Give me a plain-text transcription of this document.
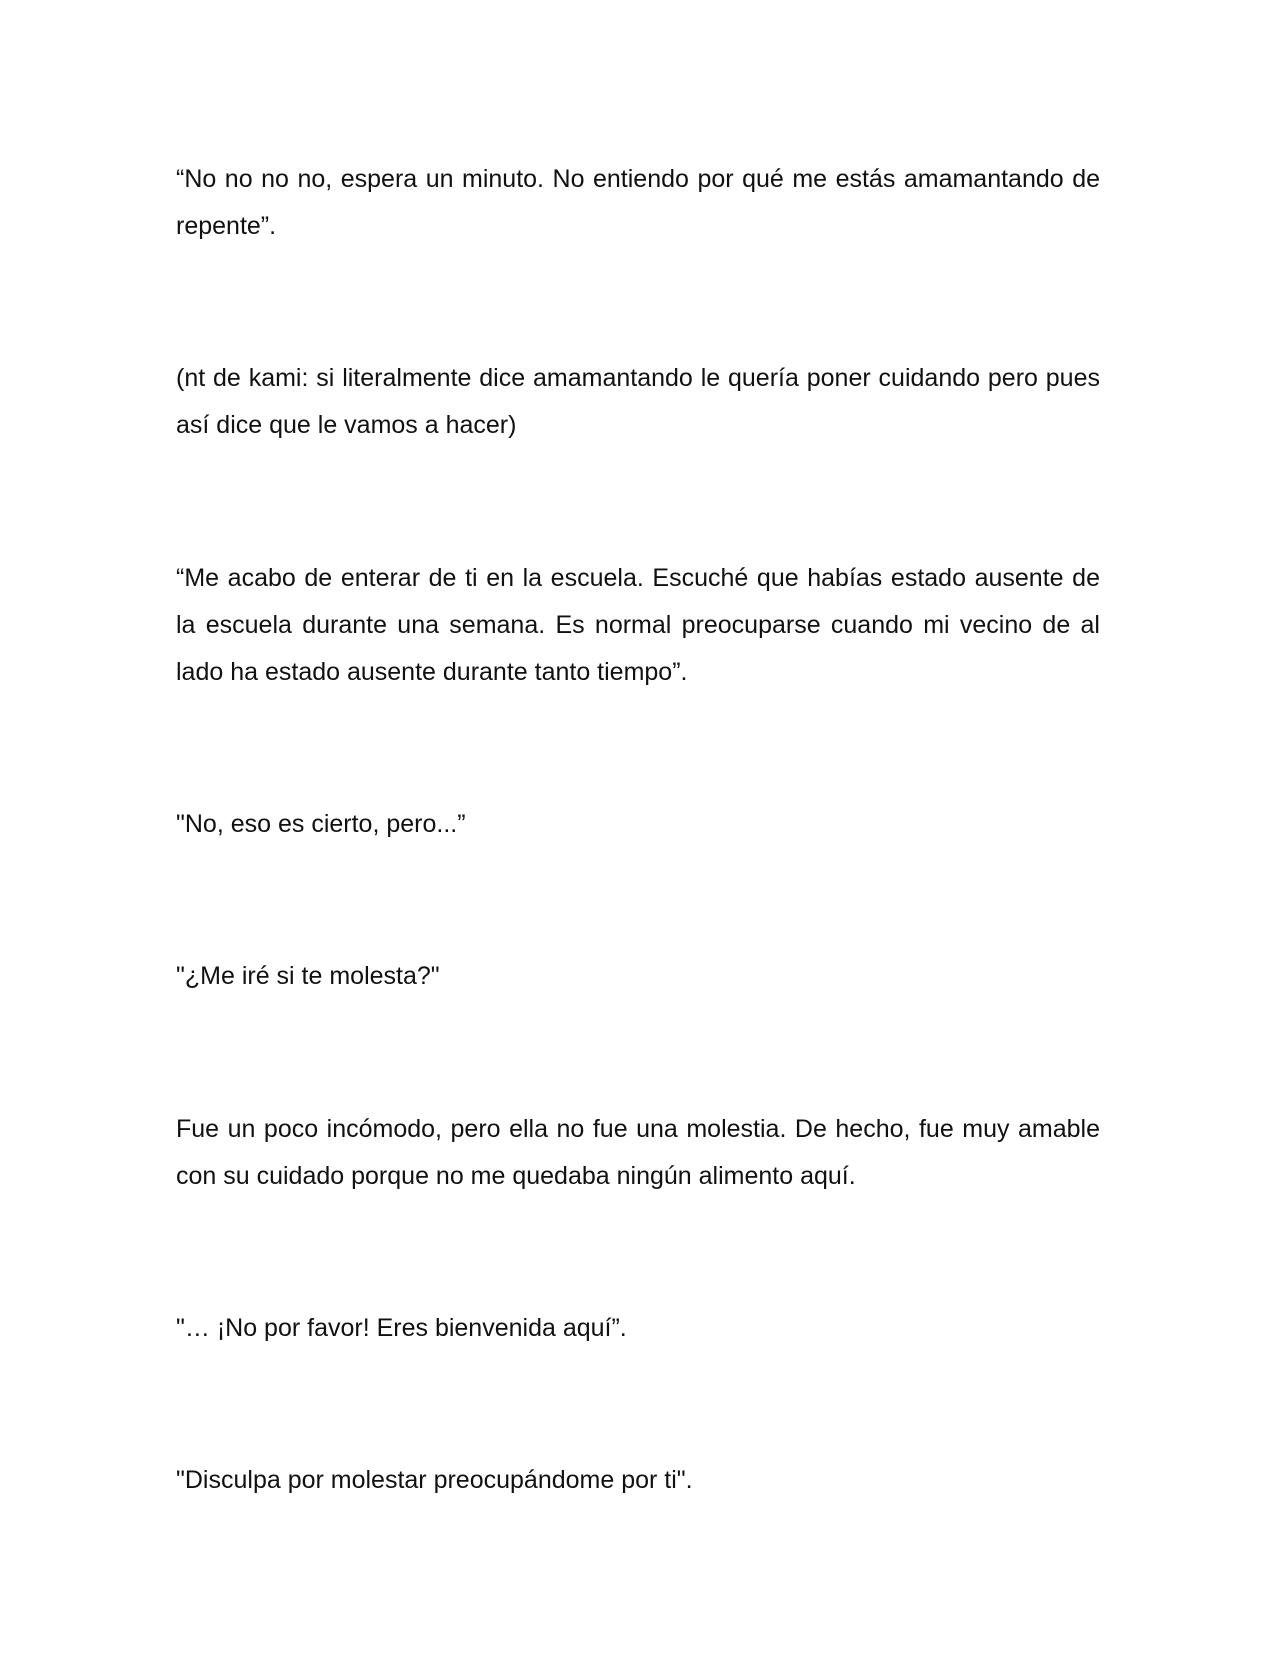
“No no no no, espera un minuto. No entiendo por qué me estás amamantando de repente”.

(nt de kami: si literalmente dice amamantando le quería poner cuidando pero pues así dice que le vamos a hacer)

“Me acabo de enterar de ti en la escuela. Escuché que habías estado ausente de la escuela durante una semana. Es normal preocuparse cuando mi vecino de al lado ha estado ausente durante tanto tiempo”.

"No, eso es cierto, pero...”

"¿Me iré si te molesta?"

Fue un poco incómodo, pero ella no fue una molestia. De hecho, fue muy amable con su cuidado porque no me quedaba ningún alimento aquí.

"… ¡No por favor! Eres bienvenida aquí”.

"Disculpa por molestar preocupándome por ti".
